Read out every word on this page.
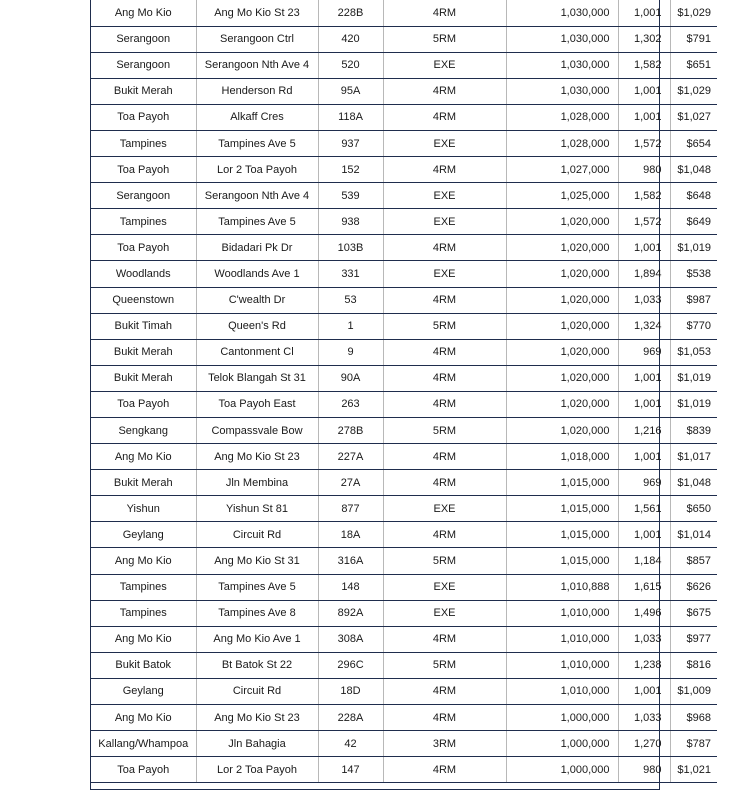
Ang Mo Kio	Ang Mo Kio St 23	228B	4RM	1,030,000	1,001	$1,029
Serangoon	Serangoon Ctrl	420	5RM	1,030,000	1,302	$791
Serangoon	Serangoon Nth Ave 4	520	EXE	1,030,000	1,582	$651
Bukit Merah	Henderson Rd	95A	4RM	1,030,000	1,001	$1,029
Toa Payoh	Alkaff Cres	118A	4RM	1,028,000	1,001	$1,027
Tampines	Tampines Ave 5	937	EXE	1,028,000	1,572	$654
Toa Payoh	Lor 2 Toa Payoh	152	4RM	1,027,000	980	$1,048
Serangoon	Serangoon Nth Ave 4	539	EXE	1,025,000	1,582	$648
Tampines	Tampines Ave 5	938	EXE	1,020,000	1,572	$649
Toa Payoh	Bidadari Pk Dr	103B	4RM	1,020,000	1,001	$1,019
Woodlands	Woodlands Ave 1	331	EXE	1,020,000	1,894	$538
Queenstown	C'wealth Dr	53	4RM	1,020,000	1,033	$987
Bukit Timah	Queen's Rd	1	5RM	1,020,000	1,324	$770
Bukit Merah	Cantonment Cl	9	4RM	1,020,000	969	$1,053
Bukit Merah	Telok Blangah St 31	90A	4RM	1,020,000	1,001	$1,019
Toa Payoh	Toa Payoh East	263	4RM	1,020,000	1,001	$1,019
Sengkang	Compassvale Bow	278B	5RM	1,020,000	1,216	$839
Ang Mo Kio	Ang Mo Kio St 23	227A	4RM	1,018,000	1,001	$1,017
Bukit Merah	Jln Membina	27A	4RM	1,015,000	969	$1,048
Yishun	Yishun St 81	877	EXE	1,015,000	1,561	$650
Geylang	Circuit Rd	18A	4RM	1,015,000	1,001	$1,014
Ang Mo Kio	Ang Mo Kio St 31	316A	5RM	1,015,000	1,184	$857
Tampines	Tampines Ave 5	148	EXE	1,010,888	1,615	$626
Tampines	Tampines Ave 8	892A	EXE	1,010,000	1,496	$675
Ang Mo Kio	Ang Mo Kio Ave 1	308A	4RM	1,010,000	1,033	$977
Bukit Batok	Bt Batok St 22	296C	5RM	1,010,000	1,238	$816
Geylang	Circuit Rd	18D	4RM	1,010,000	1,001	$1,009
Ang Mo Kio	Ang Mo Kio St 23	228A	4RM	1,000,000	1,033	$968
Kallang/Whampoa	Jln Bahagia	42	3RM	1,000,000	1,270	$787
Toa Payoh	Lor 2 Toa Payoh	147	4RM	1,000,000	980	$1,021
